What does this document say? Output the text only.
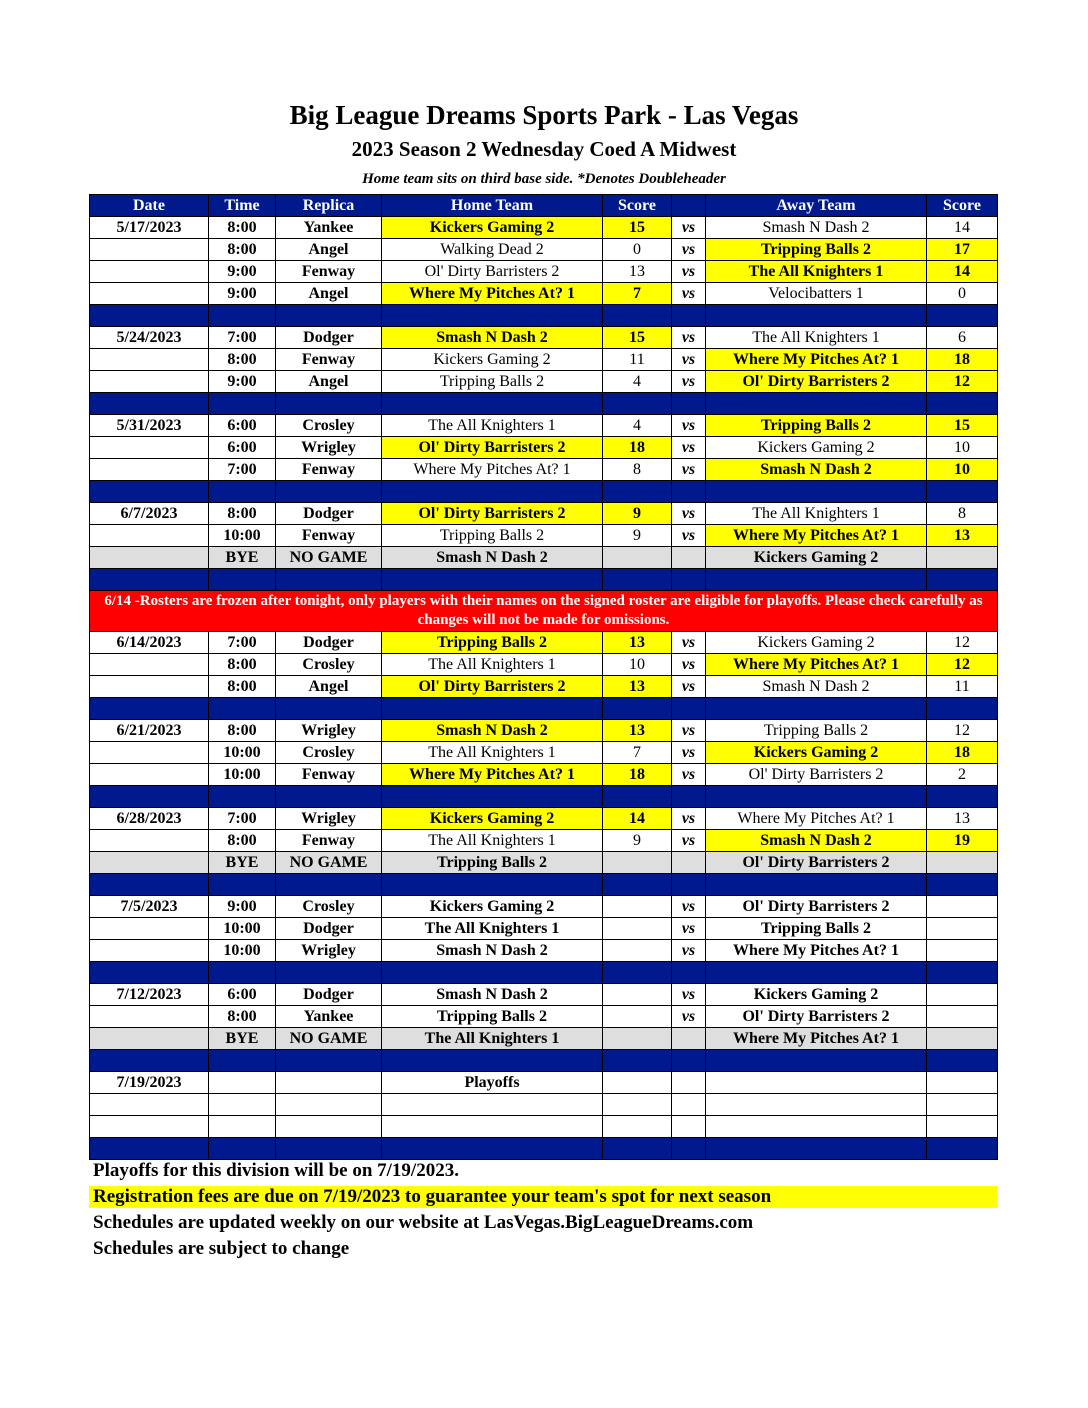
Big League Dreams Sports Park - Las Vegas
2023 Season 2 Wednesday Coed A Midwest
Home team sits on third base side. *Denotes Doubleheader
Date	Time	Replica	Home Team	Score		Away Team	Score
5/17/2023	8:00	Yankee	Kickers Gaming 2	15	vs	Smash N Dash 2	14
	8:00	Angel	Walking Dead 2	0	vs	Tripping Balls 2	17
	9:00	Fenway	Ol' Dirty Barristers 2	13	vs	The All Knighters 1	14
	9:00	Angel	Where My Pitches At? 1	7	vs	Velocibatters 1	0

5/24/2023	7:00	Dodger	Smash N Dash 2	15	vs	The All Knighters 1	6
	8:00	Fenway	Kickers Gaming 2	11	vs	Where My Pitches At? 1	18
	9:00	Angel	Tripping Balls 2	4	vs	Ol' Dirty Barristers 2	12

5/31/2023	6:00	Crosley	The All Knighters 1	4	vs	Tripping Balls 2	15
	6:00	Wrigley	Ol' Dirty Barristers 2	18	vs	Kickers Gaming 2	10
	7:00	Fenway	Where My Pitches At? 1	8	vs	Smash N Dash 2	10

6/7/2023	8:00	Dodger	Ol' Dirty Barristers 2	9	vs	The All Knighters 1	8
	10:00	Fenway	Tripping Balls 2	9	vs	Where My Pitches At? 1	13
	BYE	NO GAME	Smash N Dash 2			Kickers Gaming 2	

6/14 -Rosters are frozen after tonight, only players with their names on the signed roster are eligible for playoffs. Please check carefully as changes will not be made for omissions.							
6/14/2023	7:00	Dodger	Tripping Balls 2	13	vs	Kickers Gaming 2	12
	8:00	Crosley	The All Knighters 1	10	vs	Where My Pitches At? 1	12
	8:00	Angel	Ol' Dirty Barristers 2	13	vs	Smash N Dash 2	11

6/21/2023	8:00	Wrigley	Smash N Dash 2	13	vs	Tripping Balls 2	12
	10:00	Crosley	The All Knighters 1	7	vs	Kickers Gaming 2	18
	10:00	Fenway	Where My Pitches At? 1	18	vs	Ol' Dirty Barristers 2	2

6/28/2023	7:00	Wrigley	Kickers Gaming 2	14	vs	Where My Pitches At? 1	13
	8:00	Fenway	The All Knighters 1	9	vs	Smash N Dash 2	19
	BYE	NO GAME	Tripping Balls 2			Ol' Dirty Barristers 2	

7/5/2023	9:00	Crosley	Kickers Gaming 2		vs	Ol' Dirty Barristers 2	
	10:00	Dodger	The All Knighters 1		vs	Tripping Balls 2	
	10:00	Wrigley	Smash N Dash 2		vs	Where My Pitches At? 1	

7/12/2023	6:00	Dodger	Smash N Dash 2		vs	Kickers Gaming 2	
	8:00	Yankee	Tripping Balls 2		vs	Ol' Dirty Barristers 2	
	BYE	NO GAME	The All Knighters 1			Where My Pitches At? 1	

7/19/2023			Playoffs				

Playoffs for this division will be on 7/19/2023.
Registration fees are due on 7/19/2023 to guarantee your team's spot for next season
Schedules are updated weekly on our website at LasVegas.BigLeagueDreams.com
Schedules are subject to change
